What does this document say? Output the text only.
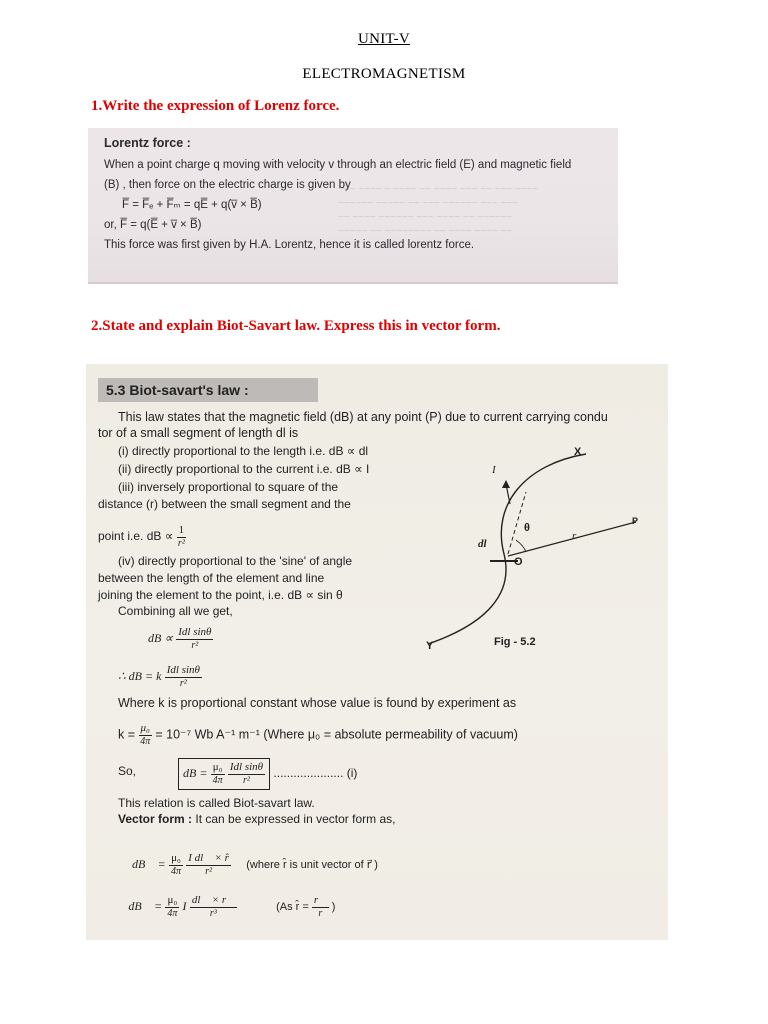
UNIT-V
ELECTROMAGNETISM
1.Write the expression of Lorenz force.
~~~ ~~~~ ~ ~~~~ ~~ ~~~~ ~~~ ~~ ~~~ ~~~~
~~~~~~ ~~~~~ ~~ ~~~ ~~~~~~ ~~~ ~~~
~~ ~~~~ ~~~~~~ ~~~ ~~~~ ~~ ~~~~~~
~~~~~ ~~ ~~~~~~~~ ~~ ~~~~ ~~~~ ~~
Lorentz force :
When a point charge q moving with velocity v through an electric field (E) and magnetic field
(B) , then force on the electric charge is given by
F̅ = F̅ₑ + F̅ₘ = qE̅ + q(v̅ × B̅)
or, F̅ = q(E̅ + v̅ × B̅)
This force was first given by H.A. Lorentz, hence it is called lorentz force.
2.State and explain Biot-Savart law. Express this in vector form.
5.3 Biot-savart's law :
This law states that the magnetic field (dB) at any point (P) due to current carrying condu
tor of a small segment of length dl is
(i) directly proportional to the length i.e. dB ∝ dl
(ii) directly proportional to the current i.e. dB ∝ I
(iii) inversely proportional to square of the
distance (r) between the small segment and the
point i.e. dB ∝ $\frac{1}{\text{r²}}$
(iv) directly proportional to the 'sine' of angle
between the length of the element and line
joining the element to the point, i.e. dB ∝ sin θ
Combining all we get,
dB ∝ $\frac{\text{Idl sinθ}}{\text{r²}}$
∴ dB = k $\frac{\text{Idl sinθ}}{\text{r²}}$
Where k is proportional constant whose value is found by experiment as
$k = \frac{\text{μ₀}}{4\pi} = 10^{-7}$ Wb A⁻¹ m⁻¹ (Where μ₀ = absolute permeability of vacuum)
So,	dB = $\frac{\text{μ₀}}{4\pi}$
$\frac{\text{Idl sinθ}}{\text{r²}}$ ..................... (i)
This relation is called Biot-savart law.
Vector form : It can be expressed in vector form as,
dB⃗ = $\frac{\text{μ₀}}{4\pi}$
$\frac{\text{I dl⃗ × r̂}}{\text{r²}}$ (where r̂ is unit vector of r⃗ )
∴ dB⃗ = $\frac{\text{μ₀}}{4\pi}$ I $\frac{dl⃗ \times r⃗}{\text{r³}}$	(As r̂ = $\frac{r⃗}{r}$ )
X
I
P
r
θ
dl
O
Y	Fig - 5.2
